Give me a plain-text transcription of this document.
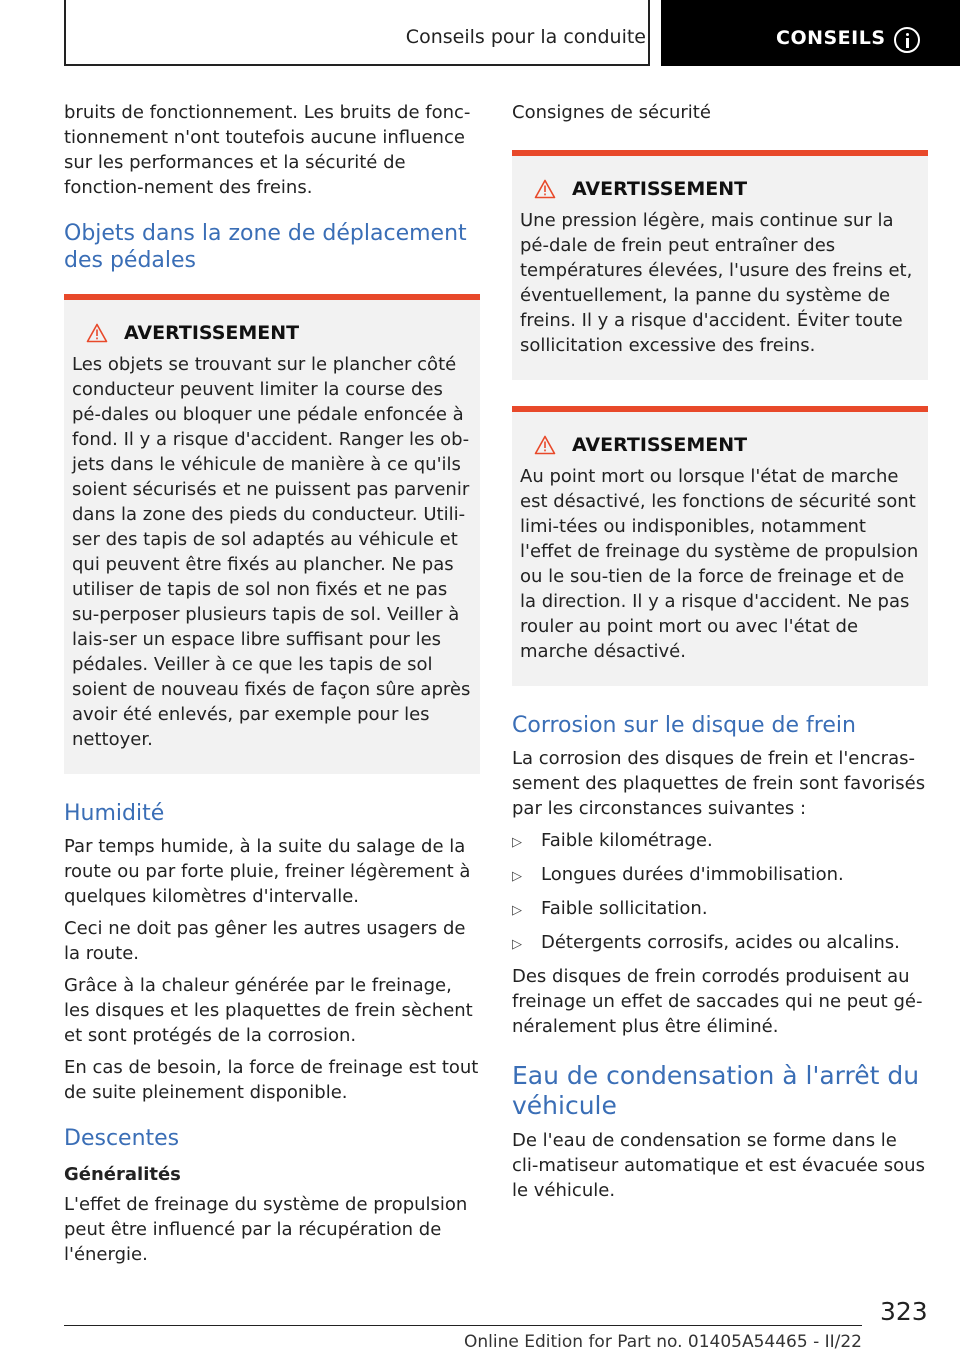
Conseils pour la conduite	CONSEILS

bruits de fonctionnement. Les bruits de fonc-tionnement n'ont toutefois aucune influence sur les performances et la sécurité de fonction-nement des freins.

Objets dans la zone de déplacement des pédales
AVERTISSEMENT

Les objets se trouvant sur le plancher côté conducteur peuvent limiter la course des pé-dales ou bloquer une pédale enfoncée à fond. Il y a risque d'accident. Ranger les ob-jets dans le véhicule de manière à ce qu'ils soient sécurisés et ne puissent pas parvenir dans la zone des pieds du conducteur. Utili-ser des tapis de sol adaptés au véhicule et qui peuvent être fixés au plancher. Ne pas utiliser de tapis de sol non fixés et ne pas su-perposer plusieurs tapis de sol. Veiller à lais-ser un espace libre suffisant pour les pédales. Veiller à ce que les tapis de sol soient de nouveau fixés de façon sûre après avoir été enlevés, par exemple pour les nettoyer.

Humidité

Par temps humide, à la suite du salage de la route ou par forte pluie, freiner légèrement à quelques kilomètres d'intervalle.

Ceci ne doit pas gêner les autres usagers de la route.

Grâce à la chaleur générée par le freinage, les disques et les plaquettes de frein sèchent et sont protégés de la corrosion.

En cas de besoin, la force de freinage est tout de suite pleinement disponible.

Descentes
Généralités

L'effet de freinage du système de propulsion peut être influencé par la récupération de l'énergie.

Consignes de sécurité
AVERTISSEMENT

Une pression légère, mais continue sur la pé-dale de frein peut entraîner des températures élevées, l'usure des freins et, éventuellement, la panne du système de freins. Il y a risque d'accident. Éviter toute sollicitation excessive des freins.

AVERTISSEMENT

Au point mort ou lorsque l'état de marche est désactivé, les fonctions de sécurité sont limi-tées ou indisponibles, notamment l'effet de freinage du système de propulsion ou le sou-tien de la force de freinage et de la direction. Il y a risque d'accident. Ne pas rouler au point mort ou avec l'état de marche désactivé.

Corrosion sur le disque de frein

La corrosion des disques de frein et l'encras-sement des plaquettes de frein sont favorisés par les circonstances suivantes :

▷	Faible kilométrage.
▷	Longues durées d'immobilisation.
▷	Faible sollicitation.
▷	Détergents corrosifs, acides ou alcalins.

Des disques de frein corrodés produisent au freinage un effet de saccades qui ne peut gé-néralement plus être éliminé.

Eau de condensation à l'arrêt du véhicule

De l'eau de condensation se forme dans le cli-matiseur automatique et est évacuée sous le véhicule.

323
Online Edition for Part no. 01405A54465 - II/22
